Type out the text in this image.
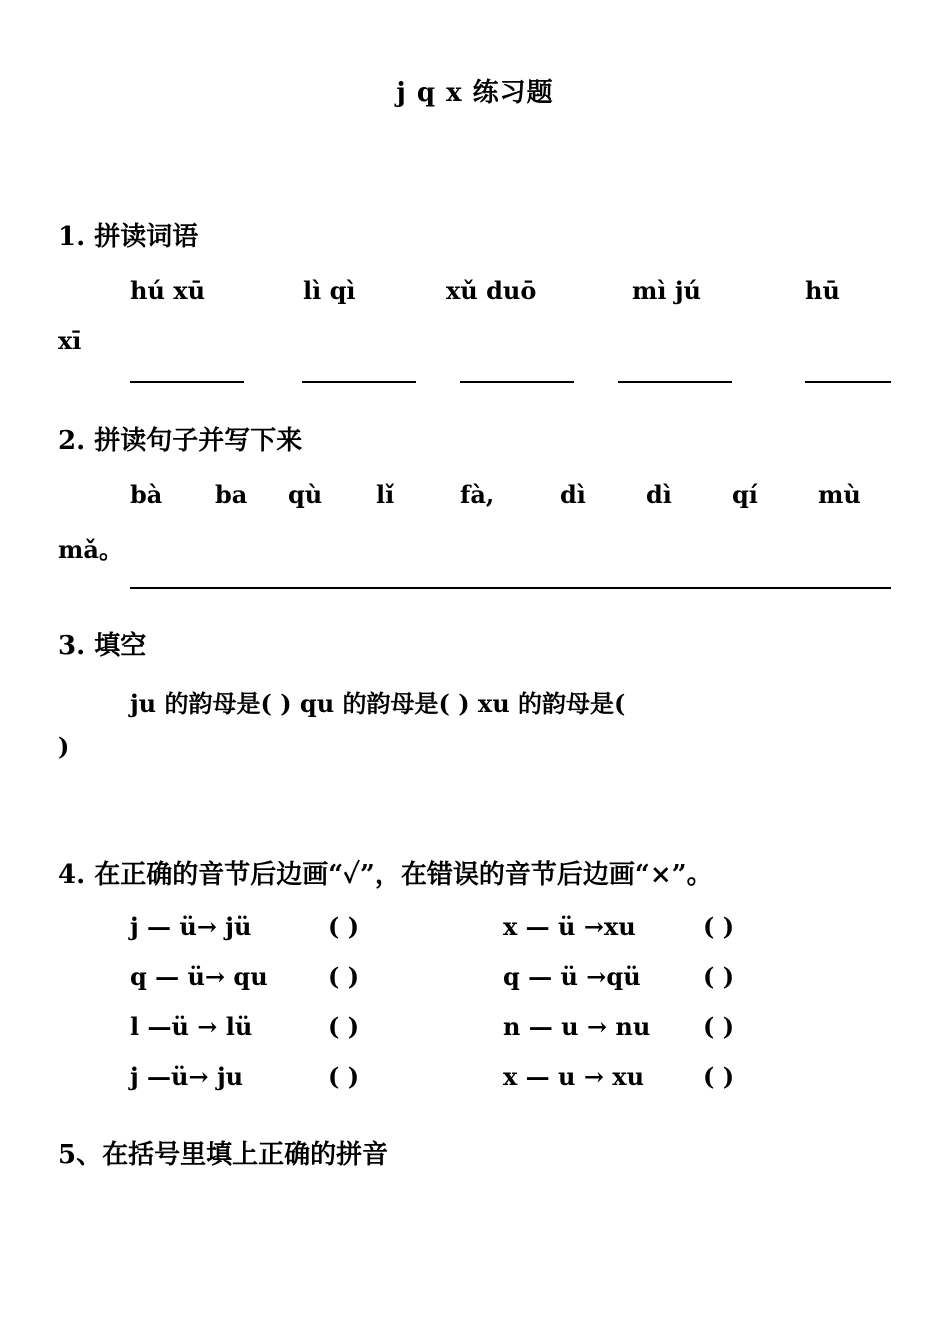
j q x 练习题
1. 拼读词语
hú xū	lì qì	xǔ duō	mì jú	hū
xī
2. 拼读句子并写下来
bà ba qù lǐ	fà,	dì	dì	qí	mù
mǎ。
3. 填空
ju 的韵母是( ) qu 的韵母是( ) xu 的韵母是(
)
4. 在正确的音节后边画“✓”，在错误的音节后边画“×”。
j — ü→ jü	( )	x — ü →xu	( )
q — ü→ qu	( )	q — ü →qü	( )
l —ü → lü	( )	n — u → nu ( )
j —ü→ ju	( )	x — u → xu ( )
5、在括号里填上正确的拼音
